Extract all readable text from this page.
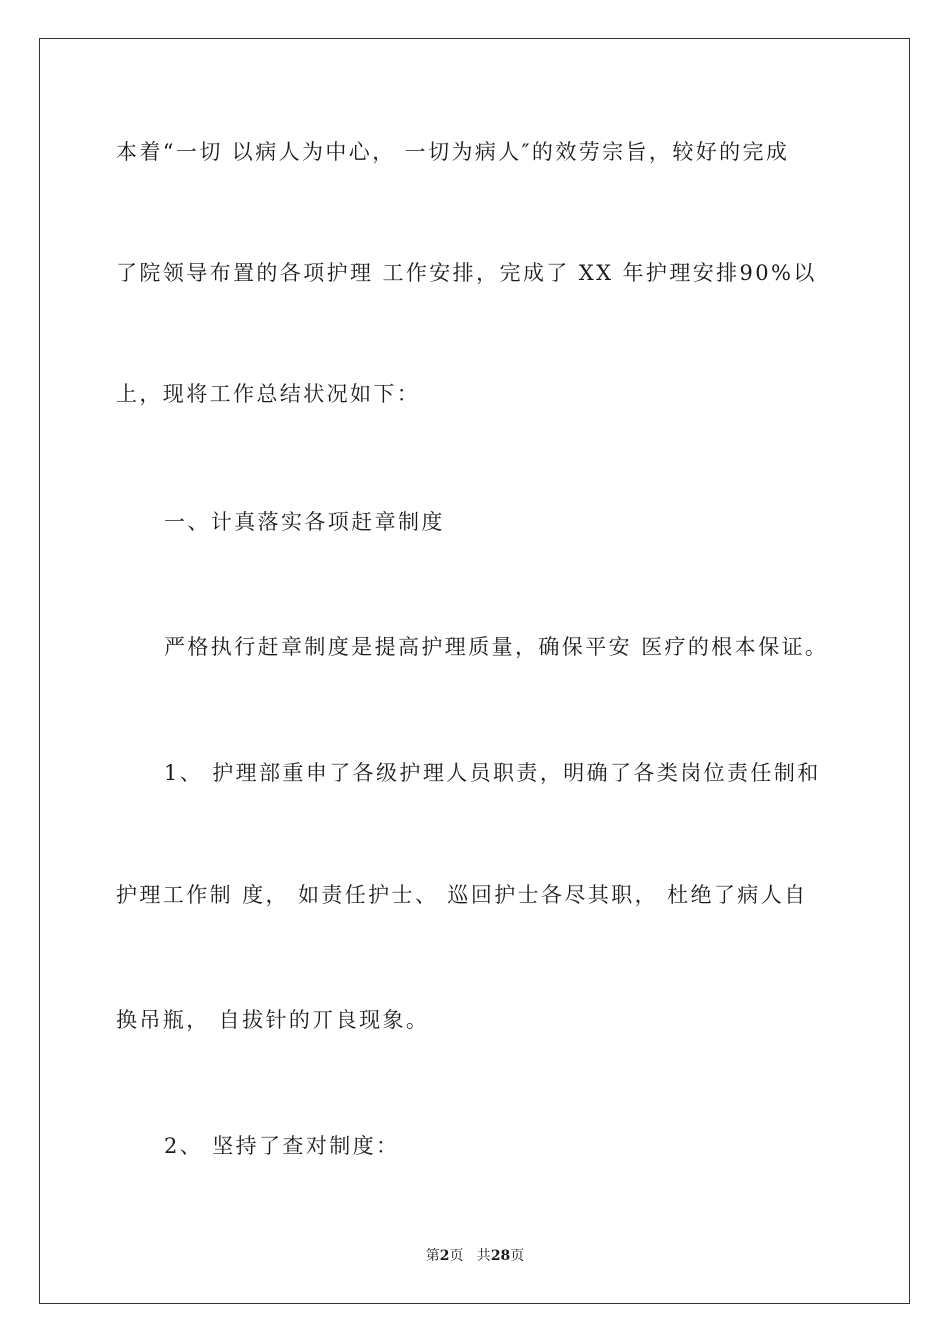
本着“一切 以病人为中心， 一切为病人″的效劳宗旨，较好的完成
了院领导布置的各项护理 工作安排，完成了 XX 年护理安排90%以
上，现将工作总结状况如下：
一、计真落实各项赶章制度
严格执行赶章制度是提高护理质量，确保平安 医疗的根本保证。
1、 护理部重申了各级护理人员职责，明确了各类岗位责任制和
护理工作制 度， 如责任护士、 巡回护士各尽其职， 杜绝了病人自
换吊瓶， 自拔针的丌良现象。
2、 坚持了查对制度：
第2页   共28页
